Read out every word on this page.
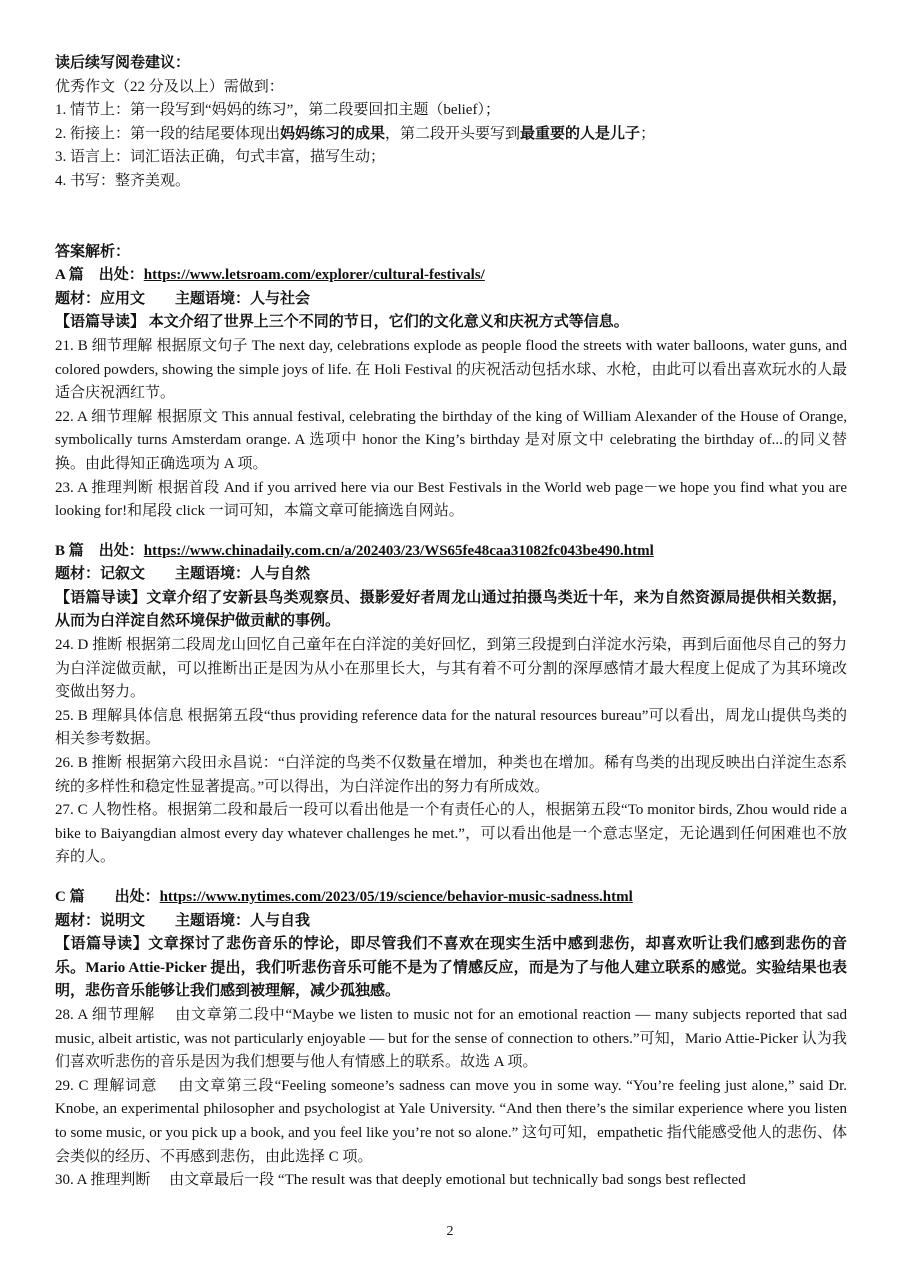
读后续写阅卷建议：

优秀作文（22 分及以上）需做到：

1. 情节上：第一段写到“妈妈的练习”，第二段要回扣主题（belief）；

2. 衔接上：第一段的结尾要体现出妈妈练习的成果，第二段开头要写到最重要的人是儿子；

3. 语言上：词汇语法正确，句式丰富，描写生动；

4. 书写：整齐美观。

答案解析：

A 篇　出处：https://www.letsroam.com/explorer/cultural-festivals/

题材：应用文　　主题语境：人与社会

【语篇导读】 本文介绍了世界上三个不同的节日，它们的文化意义和庆祝方式等信息。

21. B 细节理解 根据原文句子 The next day, celebrations explode as people flood the streets with water balloons, water guns, and colored powders, showing the simple joys of life. 在 Holi Festival 的庆祝活动包括水球、水枪，由此可以看出喜欢玩水的人最适合庆祝洒红节。

22. A 细节理解 根据原文 This annual festival, celebrating the birthday of the king of William Alexander of the House of Orange, symbolically turns Amsterdam orange. A 选项中 honor the King’s birthday 是对原文中 celebrating the birthday of...的同义替换。由此得知正确选项为 A 项。

23. A 推理判断 根据首段 And if you arrived here via our Best Festivals in the World web page－we hope you find what you are looking for!和尾段 click 一词可知，本篇文章可能摘选自网站。

B 篇　出处：https://www.chinadaily.com.cn/a/202403/23/WS65fe48caa31082fc043be490.html

题材：记叙文　　主题语境：人与自然

【语篇导读】文章介绍了安新县鸟类观察员、摄影爱好者周龙山通过拍摄鸟类近十年，来为自然资源局提供相关数据，从而为白洋淀自然环境保护做贡献的事例。

24. D 推断 根据第二段周龙山回忆自己童年在白洋淀的美好回忆，到第三段提到白洋淀水污染，再到后面他尽自己的努力为白洋淀做贡献，可以推断出正是因为从小在那里长大，与其有着不可分割的深厚感情才最大程度上促成了为其环境改变做出努力。

25. B 理解具体信息 根据第五段“thus providing reference data for the natural resources bureau”可以看出，周龙山提供鸟类的相关参考数据。

26. B 推断 根据第六段田永昌说：“白洋淀的鸟类不仅数量在增加，种类也在增加。稀有鸟类的出现反映出白洋淀生态系统的多样性和稳定性显著提高。”可以得出，为白洋淀作出的努力有所成效。

27. C 人物性格。根据第二段和最后一段可以看出他是一个有责任心的人，根据第五段“To monitor birds, Zhou would ride a bike to Baiyangdian almost every day whatever challenges he met.”，可以看出他是一个意志坚定，无论遇到任何困难也不放弃的人。

C 篇　　出处：https://www.nytimes.com/2023/05/19/science/behavior-music-sadness.html

题材：说明文　　主题语境：人与自我

【语篇导读】文章探讨了悲伤音乐的悖论，即尽管我们不喜欢在现实生活中感到悲伤，却喜欢听让我们感到悲伤的音乐。Mario Attie-Picker 提出，我们听悲伤音乐可能不是为了情感反应，而是为了与他人建立联系的感觉。实验结果也表明，悲伤音乐能够让我们感到被理解，减少孤独感。

28. A 细节理解　 由文章第二段中“Maybe we listen to music not for an emotional reaction — many subjects reported that sad music, albeit artistic, was not particularly enjoyable — but for the sense of connection to others.”可知，Mario Attie-Picker 认为我们喜欢听悲伤的音乐是因为我们想要与他人有情感上的联系。故选 A 项。

29. C 理解词意　 由文章第三段“Feeling someone’s sadness can move you in some way. “You’re feeling just alone,” said Dr. Knobe, an experimental philosopher and psychologist at Yale University. “And then there’s the similar experience where you listen to some music, or you pick up a book, and you feel like you’re not so alone.” 这句可知，empathetic 指代能感受他人的悲伤、体会类似的经历、不再感到悲伤，由此选择 C 项。

30. A 推理判断　 由文章最后一段 “The result was that deeply emotional but technically bad songs best reflected

2
